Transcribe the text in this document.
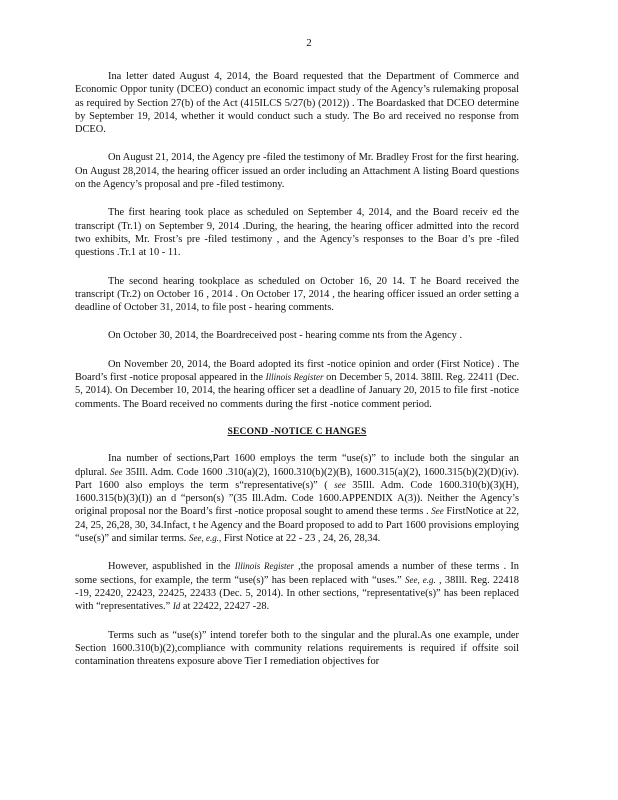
2

Ina letter dated August 4, 2014, the Board requested that the Department of Commerce and Economic Oppor tunity (DCEO) conduct an economic impact study of the Agency’s rulemaking proposal as required by Section 27(b) of the Act (415ILCS 5/27(b) (2012)) . The Boardasked that DCEO determine by September 19, 2014, whether it would conduct such a study. The Bo ard received no response from DCEO.

On August 21, 2014, the Agency pre -filed the testimony of Mr. Bradley Frost for the first hearing. On August 28,2014, the hearing officer issued an order including an Attachment A listing Board questions on the Agency’s proposal and pre -filed testimony.

The first hearing took place as scheduled on September 4, 2014, and the Board receiv ed the transcript (Tr.1) on September 9, 2014 .During, the hearing, the hearing officer admitted into the record two exhibits, Mr. Frost’s pre -filed testimony , and the Agency’s responses to the Boar d’s pre -filed questions .Tr.1 at 10 - 11.

The second hearing tookplace as scheduled on October 16, 20 14. T he Board received the transcript (Tr.2) on October 16 , 2014 . On October 17, 2014 , the hearing officer issued an order setting a deadline of October 31, 2014, to file post - hearing comments.

On October 30, 2014, the Boardreceived post - hearing comme nts from the Agency .

On November 20, 2014, the Board adopted its first -notice opinion and order (First Notice) . The Board’s first -notice proposal appeared in the Illinois Register on December 5, 2014. 38Ill. Reg. 22411 (Dec. 5, 2014). On December 10, 2014, the hearing officer set a deadline of January 20, 2015 to file first -notice comments. The Board received no comments during the first -notice comment period.

SECOND -NOTICE C HANGES

Ina number of sections,Part 1600 employs the term “use(s)” to include both the singular an dplural. See 35Ill. Adm. Code 1600 .310(a)(2), 1600.310(b)(2)(B), 1600.315(a)(2), 1600.315(b)(2)(D)(iv). Part 1600 also employs the term s“representative(s)” ( see 35Ill. Adm. Code 1600.310(b)(3)(H), 1600.315(b)(3)(I)) an d “person(s) ”(35 Ill.Adm. Code 1600.APPENDIX A(3)). Neither the Agency’s original proposal nor the Board’s first -notice proposal sought to amend these terms . See FirstNotice at 22, 24, 25, 26,28, 30, 34.Infact, t he Agency and the Board proposed to add to Part 1600 provisions employing “use(s)” and similar terms. See, e.g., First Notice at 22 - 23 , 24, 26, 28,34.

However, aspublished in the Illinois Register ,the proposal amends a number of these terms . In some sections, for example, the term “use(s)” has been replaced with “uses.” See, e.g. , 38Ill. Reg. 22418 -19, 22420, 22423, 22425, 22433 (Dec. 5, 2014). In other sections, “representative(s)” has been replaced with “representatives.” Id at 22422, 22427 -28.

Terms such as “use(s)” intend torefer both to the singular and the plural.As one example, under Section 1600.310(b)(2),compliance with community relations requirements is required if offsite soil contamination threatens exposure above Tier I remediation objectives for
